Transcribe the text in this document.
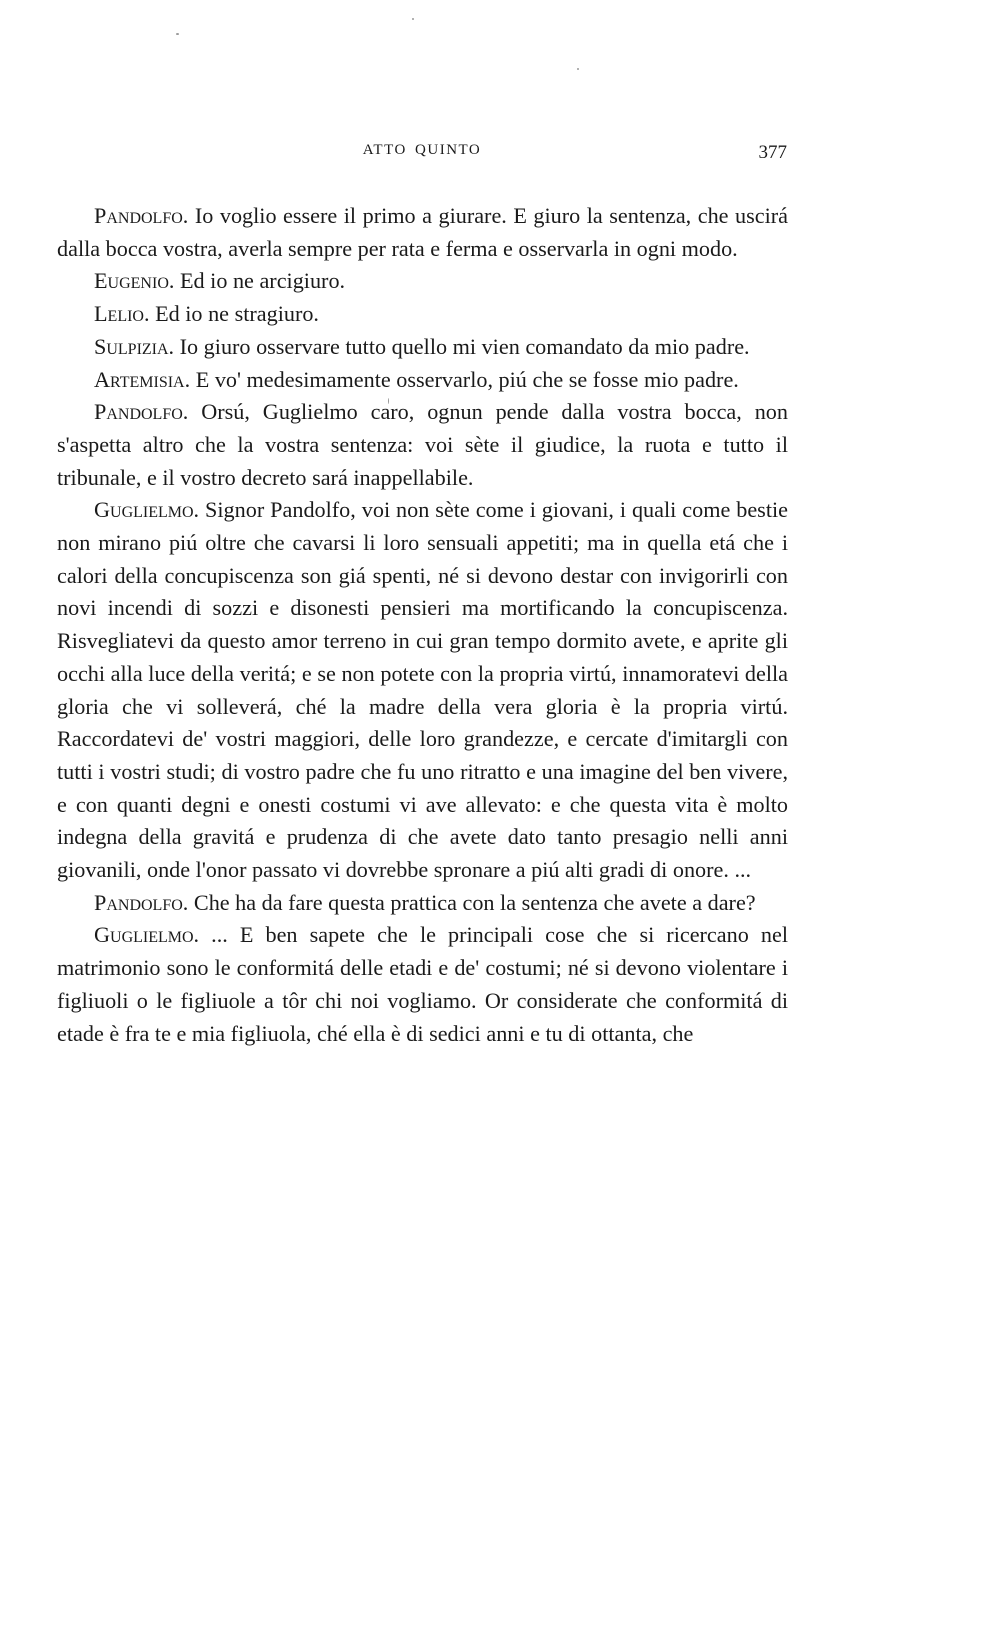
ATTO QUINTO	377

Pandolfo. Io voglio essere il primo a giurare. E giuro la sentenza, che uscirá dalla bocca vostra, averla sempre per rata e ferma e osservarla in ogni modo.

Eugenio. Ed io ne arcigiuro.

Lelio. Ed io ne stragiuro.

Sulpizia. Io giuro osservare tutto quello mi vien comandato da mio padre.

Artemisia. E vo' medesimamente osservarlo, piú che se fosse mio padre.

Pandolfo. Orsú, Guglielmo caro, ognun pende dalla vostra bocca, non s'aspetta altro che la vostra sentenza: voi sète il giudice, la ruota e tutto il tribunale, e il vostro decreto sará inappellabile.

Guglielmo. Signor Pandolfo, voi non sète come i giovani, i quali come bestie non mirano piú oltre che cavarsi li loro sensuali appetiti; ma in quella etá che i calori della concupiscenza son giá spenti, né si devono destar con invigorirli con novi incendi di sozzi e disonesti pensieri ma mortificando la concupiscenza. Risvegliatevi da questo amor terreno in cui gran tempo dormito avete, e aprite gli occhi alla luce della veritá; e se non potete con la propria virtú, innamoratevi della gloria che vi solleverá, ché la madre della vera gloria è la propria virtú. Raccordatevi de' vostri maggiori, delle loro grandezze, e cercate d'imitargli con tutti i vostri studi; di vostro padre che fu uno ritratto e una imagine del ben vivere, e con quanti degni e onesti costumi vi ave allevato: e che questa vita è molto indegna della gravitá e prudenza di che avete dato tanto presagio nelli anni giovanili, onde l'onor passato vi dovrebbe spronare a piú alti gradi di onore. ...

Pandolfo. Che ha da fare questa prattica con la sentenza che avete a dare?

Guglielmo. ... E ben sapete che le principali cose che si ricercano nel matrimonio sono le conformitá delle etadi e de' costumi; né si devono violentare i figliuoli o le figliuole a tôr chi noi vogliamo. Or considerate che conformitá di etade è fra te e mia figliuola, ché ella è di sedici anni e tu di ottanta, che
